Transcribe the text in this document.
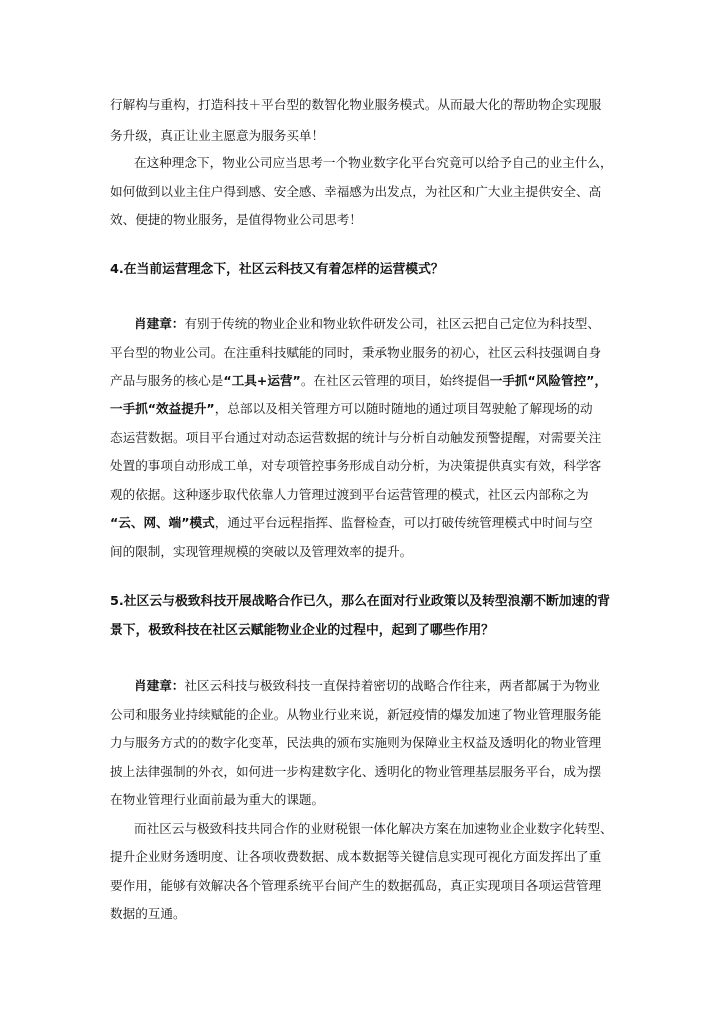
行解构与重构，打造科技＋平台型的数智化物业服务模式。从而最大化的帮助物企实现服
务升级，真正让业主愿意为服务买单！
在这种理念下，物业公司应当思考一个物业数字化平台究竟可以给予自己的业主什么，
如何做到以业主住户得到感、安全感、幸福感为出发点，为社区和广大业主提供安全、高
效、便捷的物业服务，是值得物业公司思考！
4.在当前运营理念下，社区云科技又有着怎样的运营模式？
肖建章：有别于传统的物业企业和物业软件研发公司，社区云把自己定位为科技型、
平台型的物业公司。在注重科技赋能的同时，秉承物业服务的初心，社区云科技强调自身
产品与服务的核心是“工具+运营”。在社区云管理的项目，始终提倡一手抓“风险管控”，
一手抓“效益提升”，总部以及相关管理方可以随时随地的通过项目驾驶舱了解现场的动
态运营数据。项目平台通过对动态运营数据的统计与分析自动触发预警提醒，对需要关注
处置的事项自动形成工单，对专项管控事务形成自动分析，为决策提供真实有效，科学客
观的依据。这种逐步取代依靠人力管理过渡到平台运营管理的模式，社区云内部称之为
“云、网、端”模式，通过平台远程指挥、监督检查，可以打破传统管理模式中时间与空
间的限制，实现管理规模的突破以及管理效率的提升。
5.社区云与极致科技开展战略合作已久，那么在面对行业政策以及转型浪潮不断加速的背
景下，极致科技在社区云赋能物业企业的过程中，起到了哪些作用？
肖建章：社区云科技与极致科技一直保持着密切的战略合作往来，两者都属于为物业
公司和服务业持续赋能的企业。从物业行业来说，新冠疫情的爆发加速了物业管理服务能
力与服务方式的的数字化变革，民法典的颁布实施则为保障业主权益及透明化的物业管理
披上法律强制的外衣，如何进一步构建数字化、透明化的物业管理基层服务平台，成为摆
在物业管理行业面前最为重大的课题。
而社区云与极致科技共同合作的业财税银一体化解决方案在加速物业企业数字化转型、
提升企业财务透明度、让各项收费数据、成本数据等关键信息实现可视化方面发挥出了重
要作用，能够有效解决各个管理系统平台间产生的数据孤岛，真正实现项目各项运营管理
数据的互通。
